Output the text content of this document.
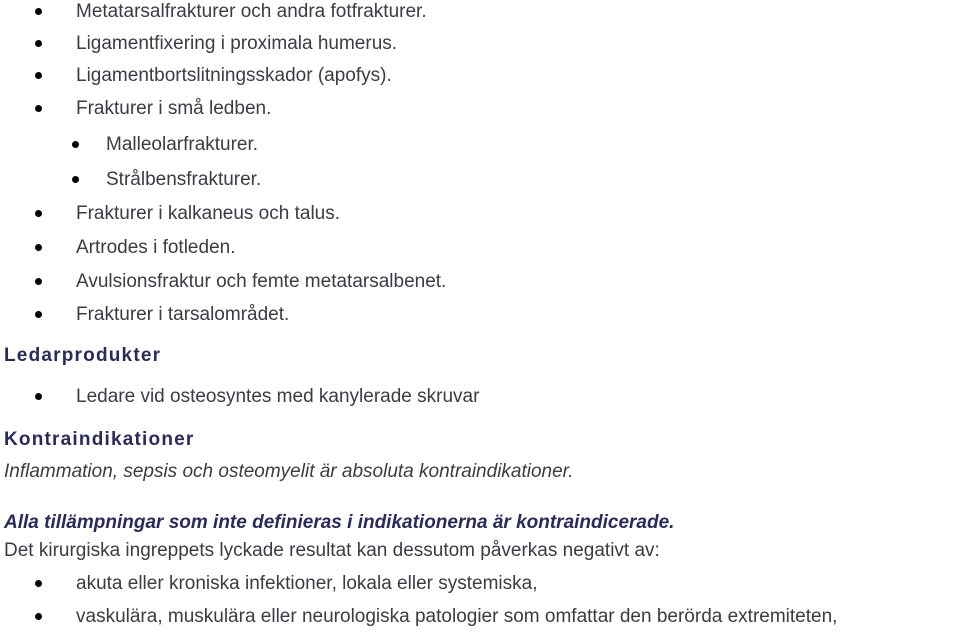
Metatarsalfrakturer och andra fotfrakturer.
Ligamentfixering i proximala humerus.
Ligamentbortslitningsskador (apofys).
Frakturer i små ledben.
Malleolarfrakturer.
Strålbensfrakturer.
Frakturer i kalkaneus och talus.
Artrodes i fotleden.
Avulsionsfraktur och femte metatarsalbenet.
Frakturer i tarsalområdet.
Ledarprodukter
Ledare vid osteosyntes med kanylerade skruvar
Kontraindikationer
Inflammation, sepsis och osteomyelit är absoluta kontraindikationer.
Alla tillämpningar som inte definieras i indikationerna är kontraindicerade.
Det kirurgiska ingreppets lyckade resultat kan dessutom påverkas negativt av:
akuta eller kroniska infektioner, lokala eller systemiska,
vaskulära, muskulära eller neurologiska patologier som omfattar den berörda extremiteten,
